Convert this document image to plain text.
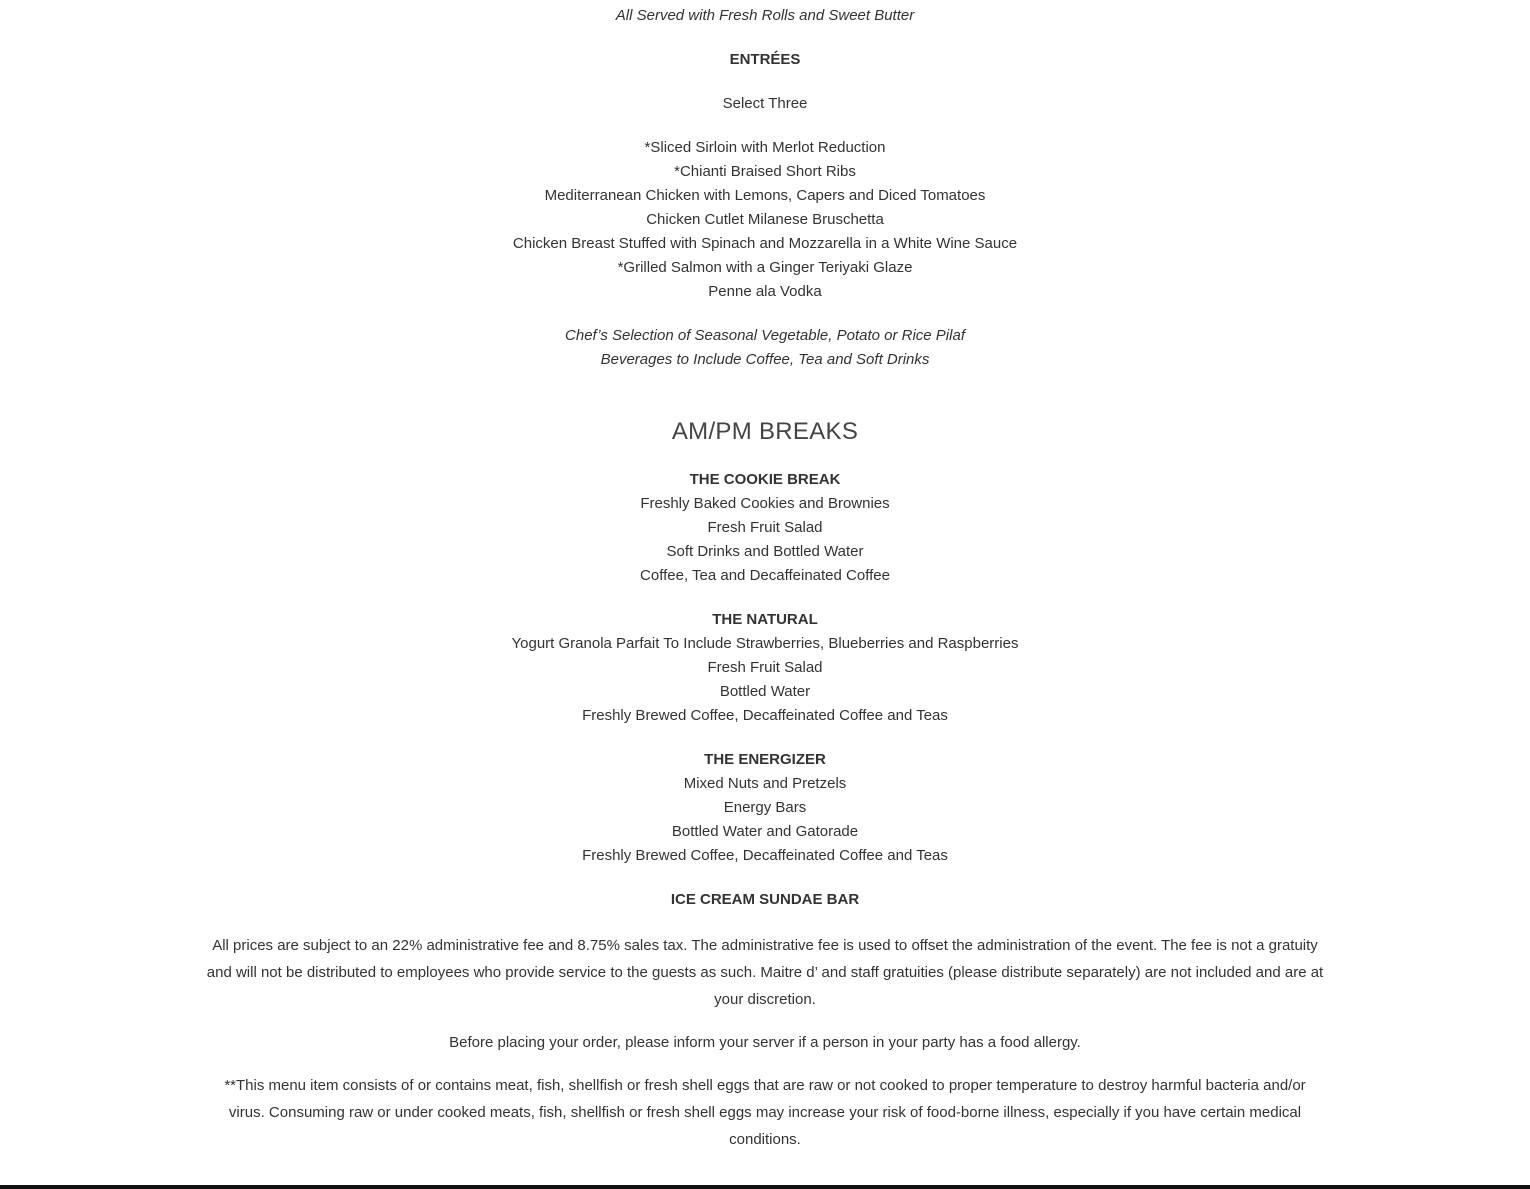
All Served with Fresh Rolls and Sweet Butter
ENTRÉES
Select Three
*Sliced Sirloin with Merlot Reduction
*Chianti Braised Short Ribs
Mediterranean Chicken with Lemons, Capers and Diced Tomatoes
Chicken Cutlet Milanese Bruschetta
Chicken Breast Stuffed with Spinach and Mozzarella in a White Wine Sauce
*Grilled Salmon with a Ginger Teriyaki Glaze
Penne ala Vodka
Chef’s Selection of Seasonal Vegetable, Potato or Rice Pilaf
Beverages to Include Coffee, Tea and Soft Drinks
AM/PM BREAKS
THE COOKIE BREAK
Freshly Baked Cookies and Brownies
Fresh Fruit Salad
Soft Drinks and Bottled Water
Coffee, Tea and Decaffeinated Coffee
THE NATURAL
Yogurt Granola Parfait To Include Strawberries, Blueberries and Raspberries
Fresh Fruit Salad
Bottled Water
Freshly Brewed Coffee, Decaffeinated Coffee and Teas
THE ENERGIZER
Mixed Nuts and Pretzels
Energy Bars
Bottled Water and Gatorade
Freshly Brewed Coffee, Decaffeinated Coffee and Teas
ICE CREAM SUNDAE BAR

All prices are subject to an 22% administrative fee and 8.75% sales tax. The administrative fee is used to offset the administration of the event. The fee is not a gratuity and will not be distributed to employees who provide service to the guests as such. Maitre d’ and staff gratuities (please distribute separately) are not included and are at your discretion.

Before placing your order, please inform your server if a person in your party has a food allergy.

**This menu item consists of or contains meat, fish, shellfish or fresh shell eggs that are raw or not cooked to proper temperature to destroy harmful bacteria and/or virus. Consuming raw or under cooked meats, fish, shellfish or fresh shell eggs may increase your risk of food-borne illness, especially if you have certain medical conditions.
